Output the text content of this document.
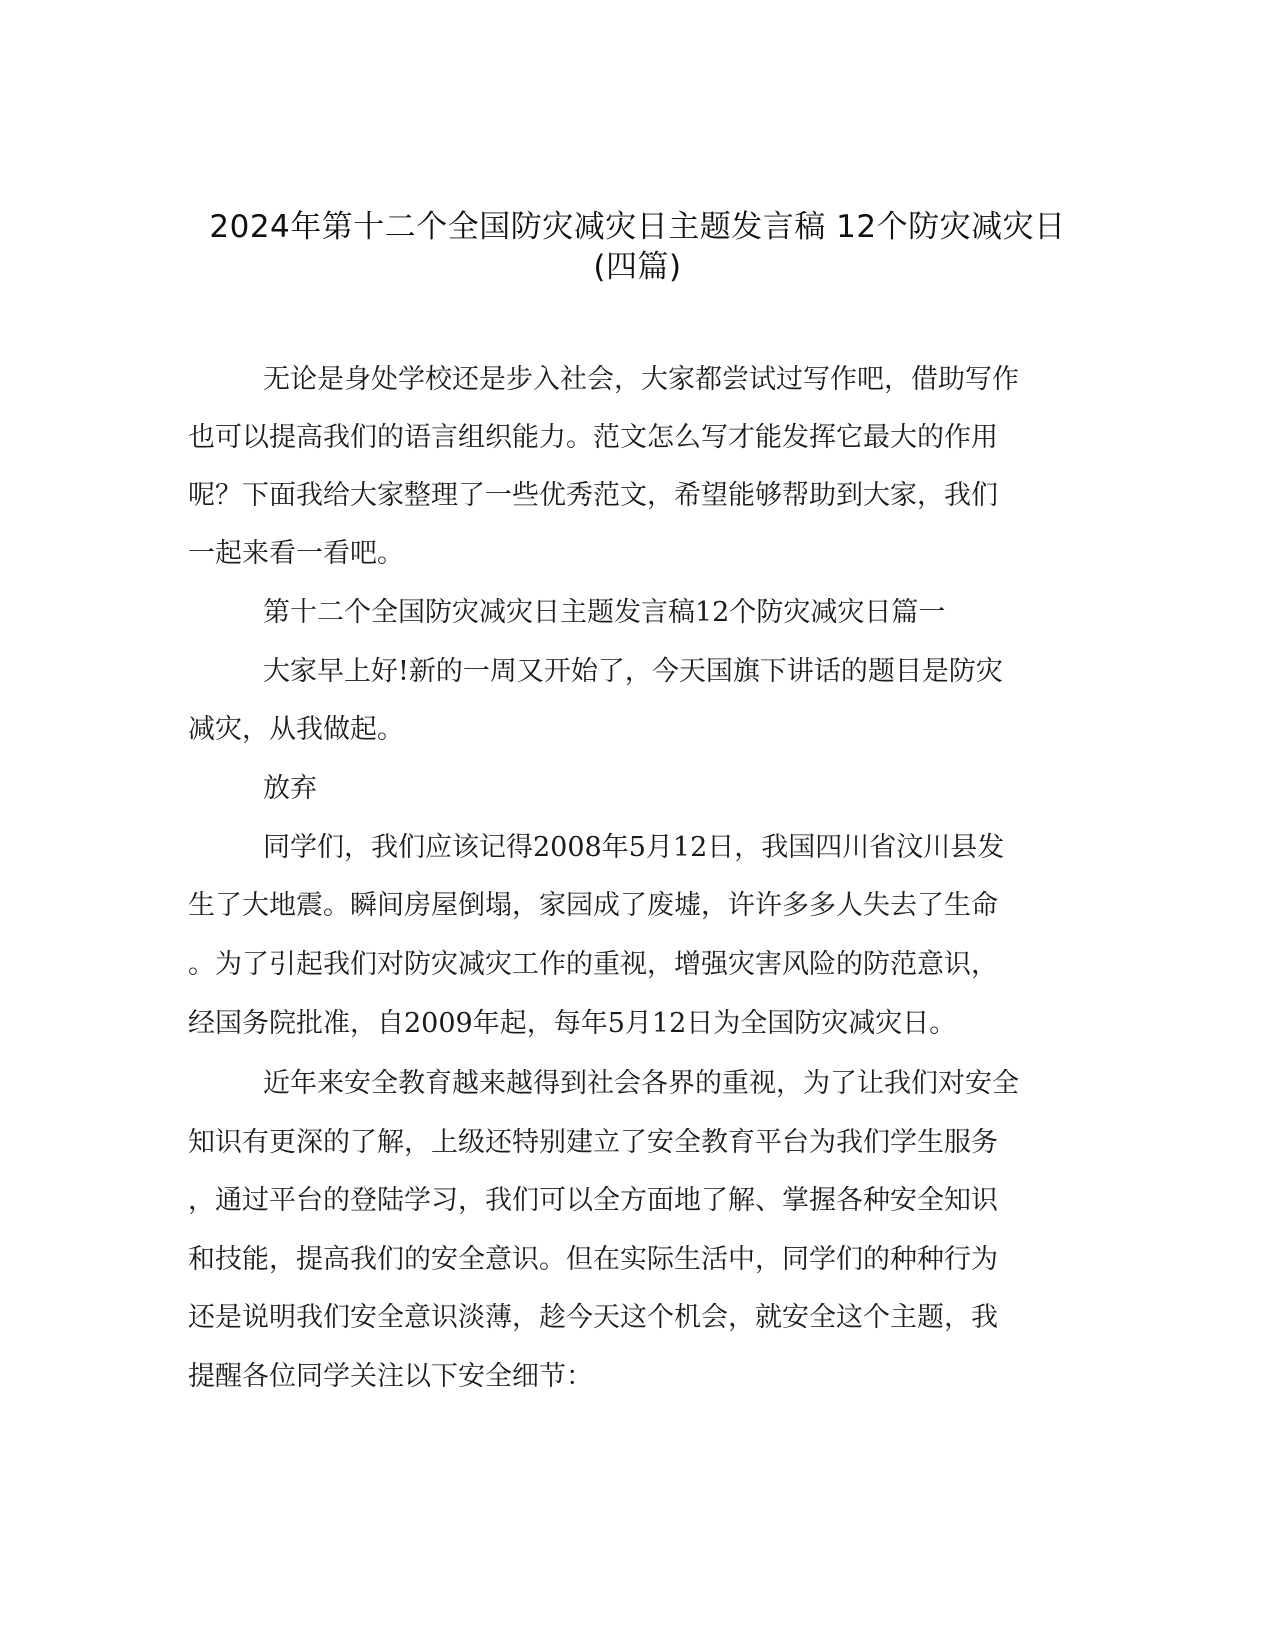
2024年第十二个全国防灾减灾日主题发言稿 12个防灾减灾日
(四篇)
无论是身处学校还是步入社会，大家都尝试过写作吧，借助写作
也可以提高我们的语言组织能力。范文怎么写才能发挥它最大的作用
呢？下面我给大家整理了一些优秀范文，希望能够帮助到大家，我们
一起来看一看吧。
第十二个全国防灾减灾日主题发言稿12个防灾减灾日篇一
大家早上好!新的一周又开始了，今天国旗下讲话的题目是防灾
减灾，从我做起。
放弃
同学们，我们应该记得2008年5月12日，我国四川省汶川县发
生了大地震。瞬间房屋倒塌，家园成了废墟，许许多多人失去了生命
。为了引起我们对防灾减灾工作的重视，增强灾害风险的防范意识，
经国务院批准，自2009年起，每年5月12日为全国防灾减灾日。
近年来安全教育越来越得到社会各界的重视，为了让我们对安全
知识有更深的了解，上级还特别建立了安全教育平台为我们学生服务
，通过平台的登陆学习，我们可以全方面地了解、掌握各种安全知识
和技能，提高我们的安全意识。但在实际生活中，同学们的种种行为
还是说明我们安全意识淡薄，趁今天这个机会，就安全这个主题，我
提醒各位同学关注以下安全细节：
